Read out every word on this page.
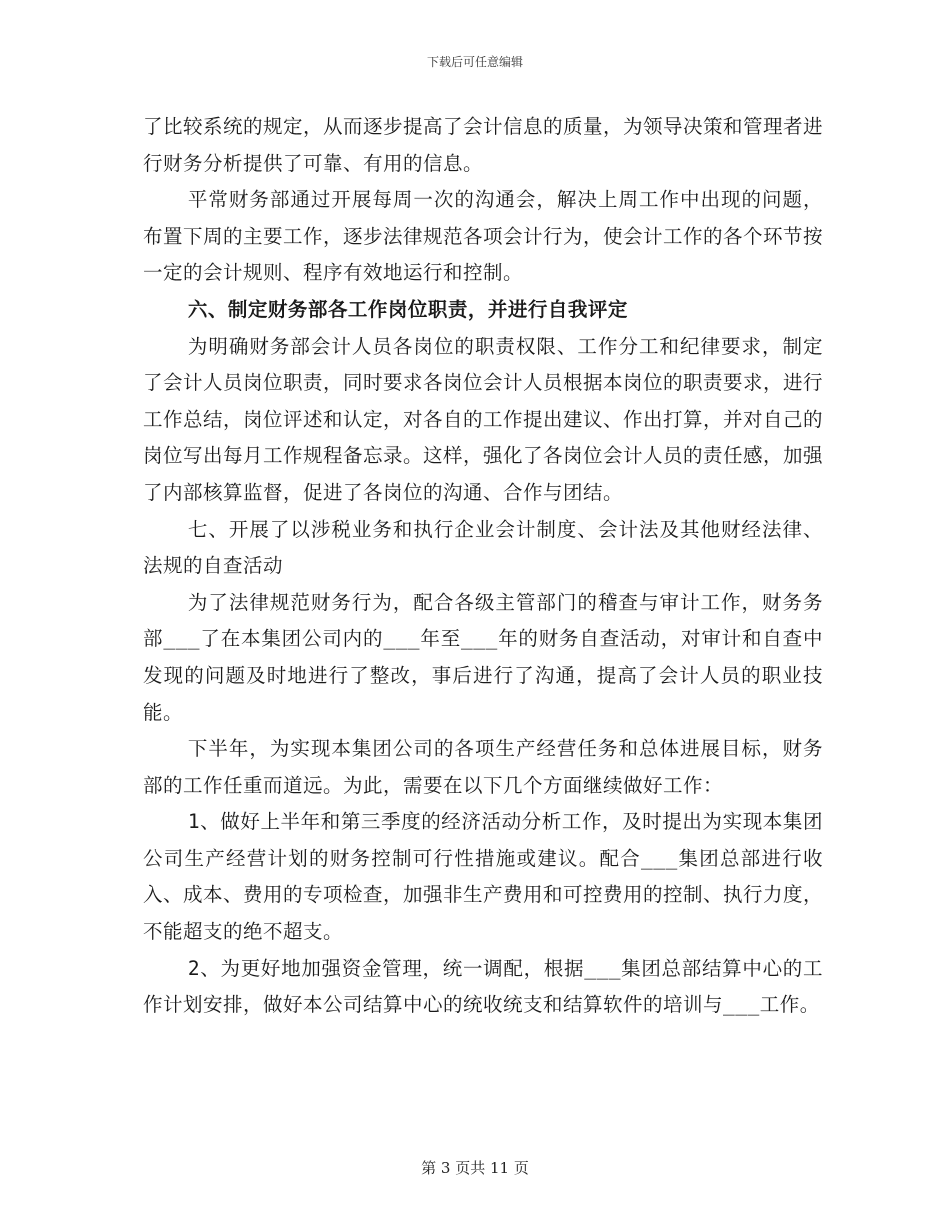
下载后可任意编辑

了比较系统的规定，从而逐步提高了会计信息的质量，为领导决策和管理者进行财务分析提供了可靠、有用的信息。

平常财务部通过开展每周一次的沟通会，解决上周工作中出现的问题，布置下周的主要工作，逐步法律规范各项会计行为，使会计工作的各个环节按一定的会计规则、程序有效地运行和控制。

六、制定财务部各工作岗位职责，并进行自我评定

为明确财务部会计人员各岗位的职责权限、工作分工和纪律要求，制定了会计人员岗位职责，同时要求各岗位会计人员根据本岗位的职责要求，进行工作总结，岗位评述和认定，对各自的工作提出建议、作出打算，并对自己的岗位写出每月工作规程备忘录。这样，强化了各岗位会计人员的责任感，加强了内部核算监督，促进了各岗位的沟通、合作与团结。

七、开展了以涉税业务和执行企业会计制度、会计法及其他财经法律、法规的自查活动

为了法律规范财务行为，配合各级主管部门的稽查与审计工作，财务务部___了在本集团公司内的___年至___年的财务自查活动，对审计和自查中发现的问题及时地进行了整改，事后进行了沟通，提高了会计人员的职业技能。

下半年，为实现本集团公司的各项生产经营任务和总体进展目标，财务部的工作任重而道远。为此，需要在以下几个方面继续做好工作：

1、做好上半年和第三季度的经济活动分析工作，及时提出为实现本集团公司生产经营计划的财务控制可行性措施或建议。配合___集团总部进行收入、成本、费用的专项检查，加强非生产费用和可控费用的控制、执行力度，不能超支的绝不超支。

2、为更好地加强资金管理，统一调配，根据___集团总部结算中心的工作计划安排，做好本公司结算中心的统收统支和结算软件的培训与___工作。

第 3 页共 11 页
